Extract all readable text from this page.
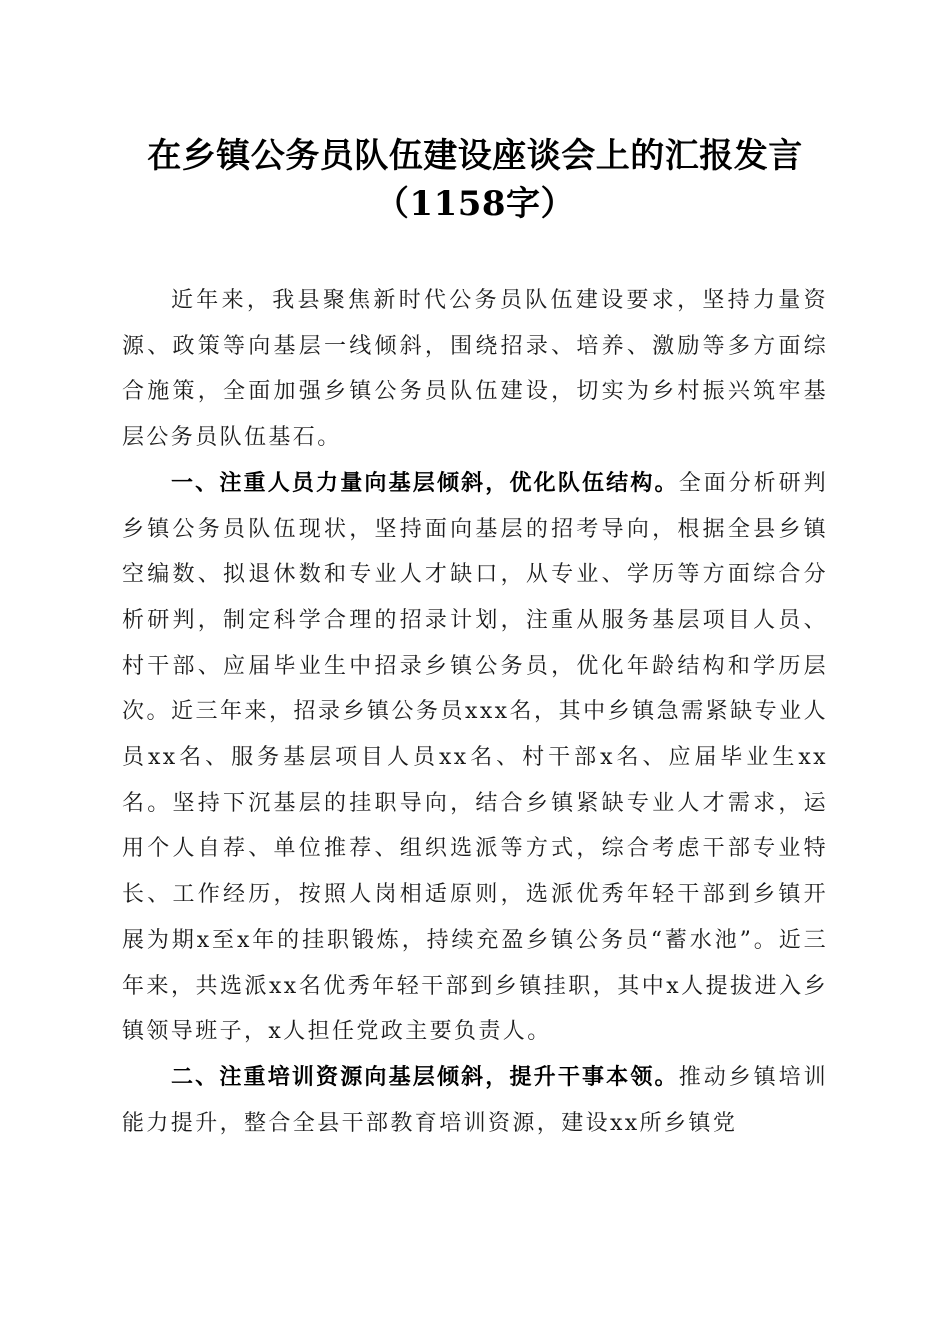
在乡镇公务员队伍建设座谈会上的汇报发言
（1158字）

近年来，我县聚焦新时代公务员队伍建设要求，坚持力量资源、政策等向基层一线倾斜，围绕招录、培养、激励等多方面综合施策，全面加强乡镇公务员队伍建设，切实为乡村振兴筑牢基层公务员队伍基石。

一、注重人员力量向基层倾斜，优化队伍结构。全面分析研判乡镇公务员队伍现状，坚持面向基层的招考导向，根据全县乡镇空编数、拟退休数和专业人才缺口，从专业、学历等方面综合分析研判，制定科学合理的招录计划，注重从服务基层项目人员、村干部、应届毕业生中招录乡镇公务员，优化年龄结构和学历层次。近三年来，招录乡镇公务员xxx名，其中乡镇急需紧缺专业人员xx名、服务基层项目人员xx名、村干部x名、应届毕业生xx名。坚持下沉基层的挂职导向，结合乡镇紧缺专业人才需求，运用个人自荐、单位推荐、组织选派等方式，综合考虑干部专业特长、工作经历，按照人岗相适原则，选派优秀年轻干部到乡镇开展为期x至x年的挂职锻炼，持续充盈乡镇公务员“蓄水池”。近三年来，共选派xx名优秀年轻干部到乡镇挂职，其中x人提拔进入乡镇领导班子，x人担任党政主要负责人。

二、注重培训资源向基层倾斜，提升干事本领。推动乡镇培训能力提升，整合全县干部教育培训资源，建设xx所乡镇党
